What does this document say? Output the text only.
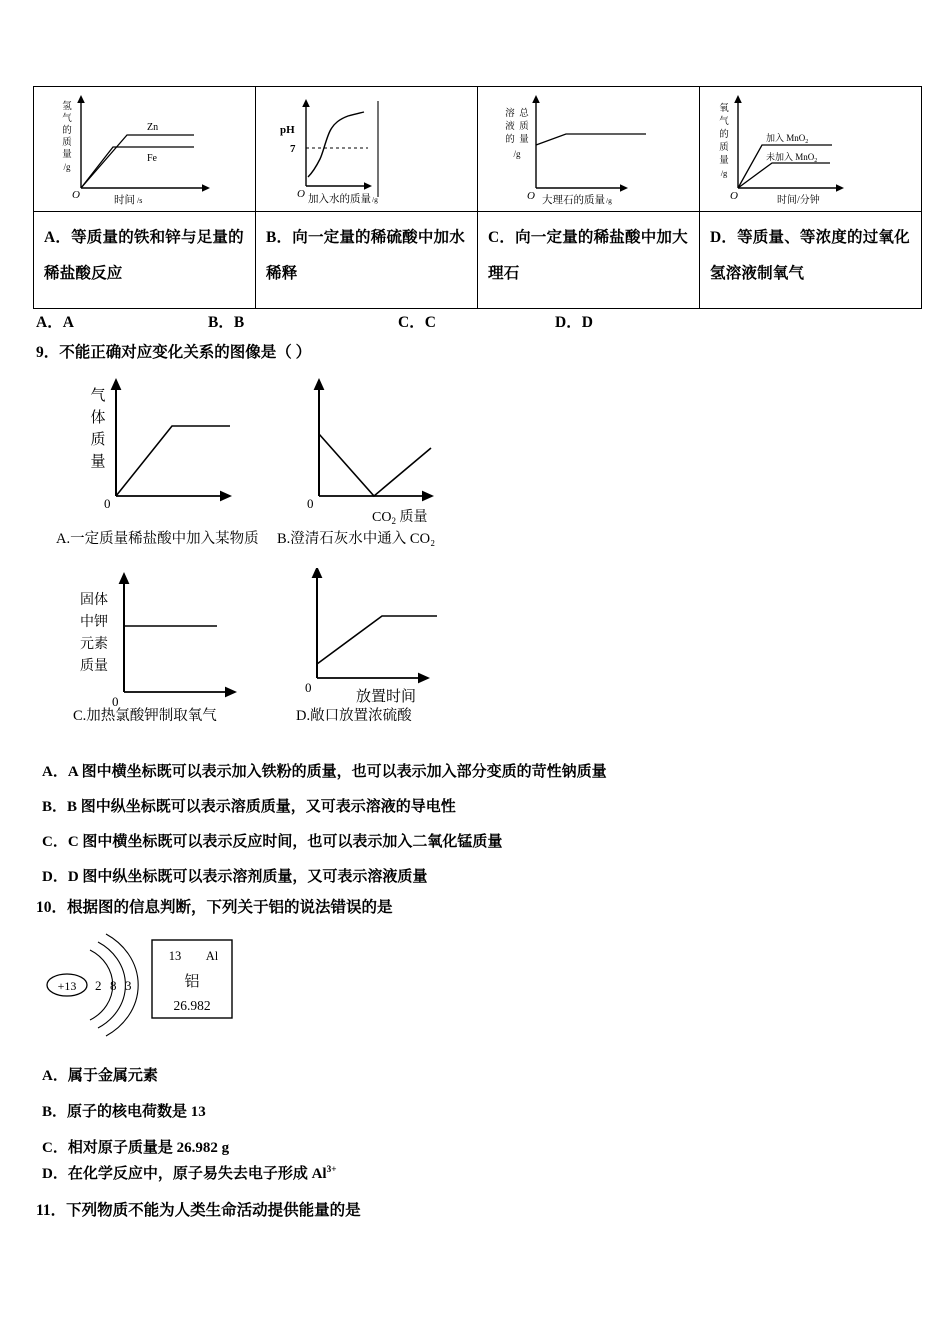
氢
气
的
质
量
/g
O	时间 /s
Zn
Fe

pH
7
O 加入水的质量 /g

溶
液
的
总
质
量
/g
O 大理石的质量 /g

氧
气
的
质
量
/g
O	时间/分钟
加入 MnO$_2$
未加入 MnO$_2$

A．等质量的铁和锌与足量的稀盐酸反应	B．向一定量的稀硫酸中加水稀释	C．向一定量的稀盐酸中加大理石	D．等质量、等浓度的过氧化氢溶液制氧气
A．A	B．B	C．C	D．D
9．不能正确对应变化关系的图像是（ ）
气
体
质
量
0	0
$CO_2$ 质量
A.一定质量稀盐酸中加入某物质 B.澄清石灰水中通入 CO₂
固体
中钾
元素
质量
0
0
放置时间
C.加热氯酸钾制取氧气	D.敞口放置浓硫酸
A．A 图中横坐标既可以表示加入铁粉的质量，也可以表示加入部分变质的苛性钠质量
B．B 图中纵坐标既可以表示溶质质量，又可表示溶液的导电性
C．C 图中横坐标既可以表示反应时间，也可以表示加入二氧化锰质量
D．D 图中纵坐标既可以表示溶剂质量，又可表示溶液质量
10．根据图的信息判断，下列关于铝的说法错误的是
+13 2 8 3
13 Al
铝
26.982
A．属于金属元素
B．原子的核电荷数是 13
C．相对原子质量是 26.982 g
D．在化学反应中，原子易失去电子形成 $Al^{3+}$
11．下列物质不能为人类生命活动提供能量的是
